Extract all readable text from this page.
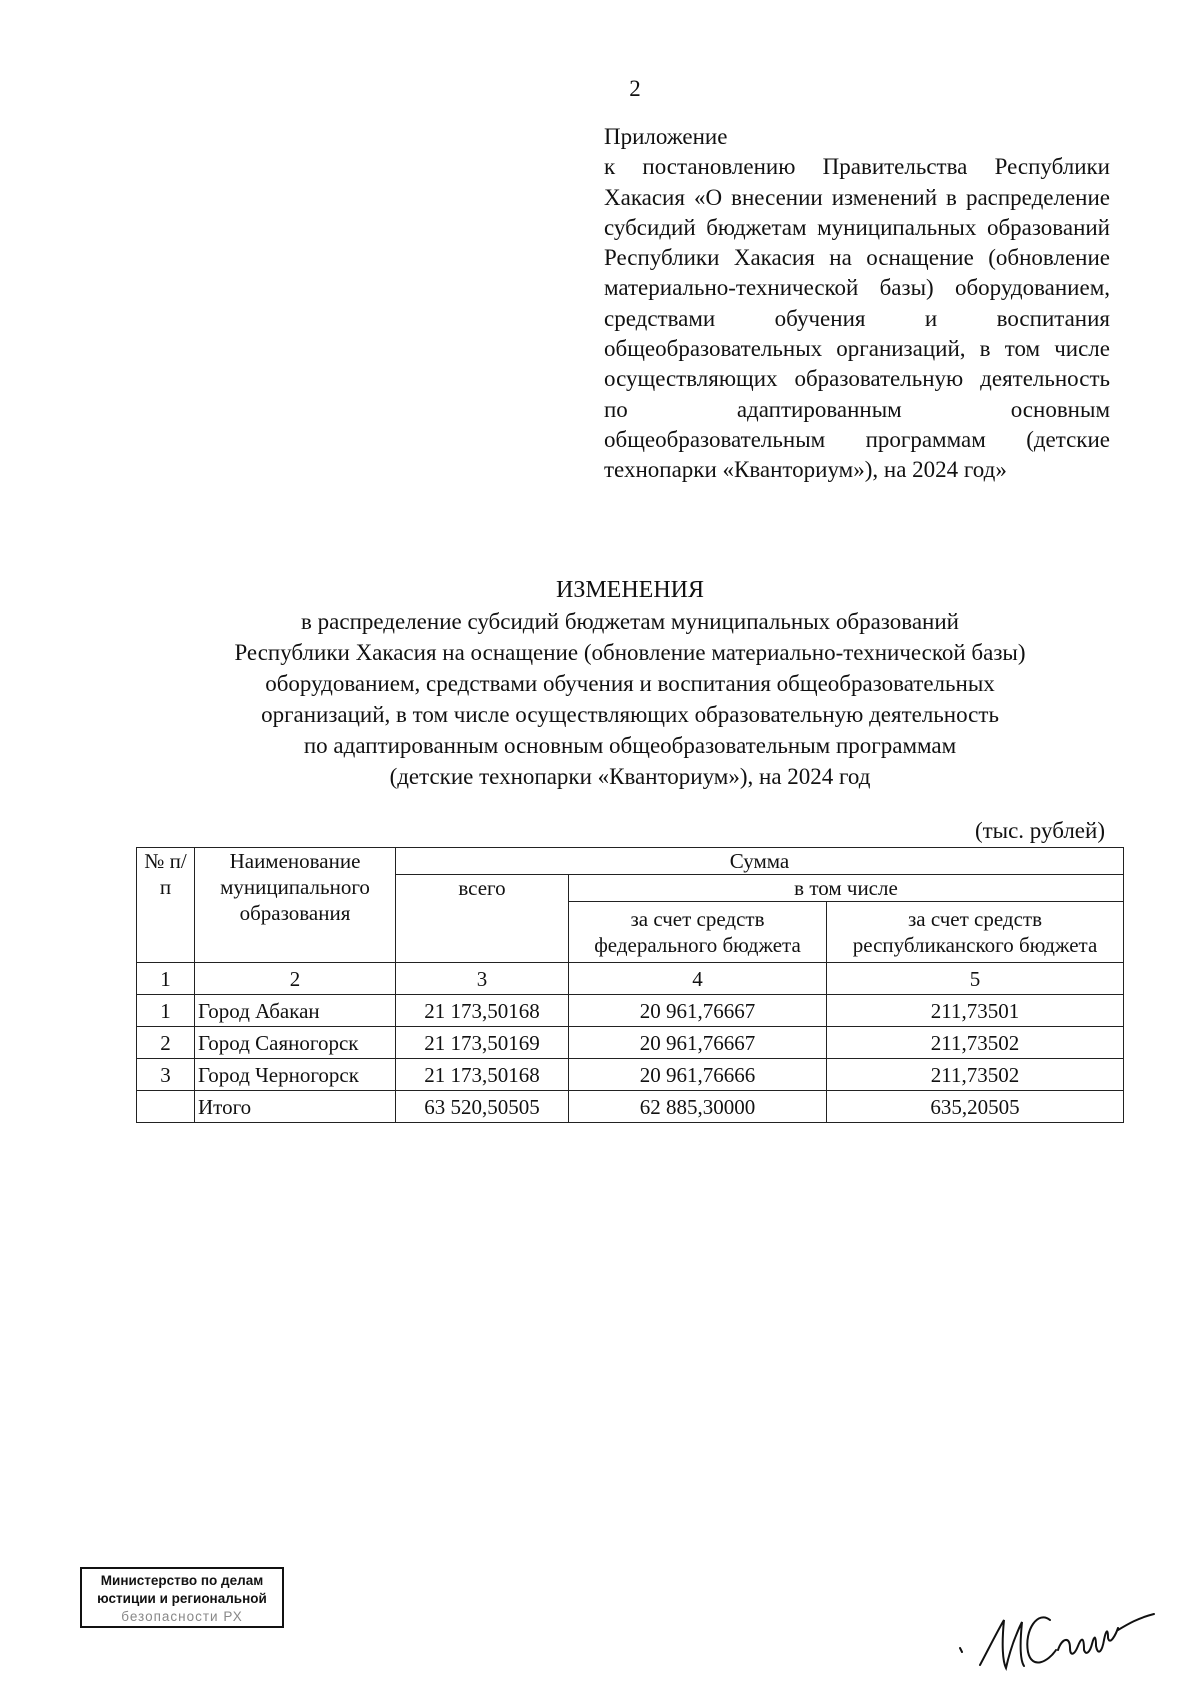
2
Приложение
к постановлению Правительства Республики Хакасия «О внесении изменений в распределение субсидий бюджетам муниципальных образований Республики Хакасия на оснащение (обновление материально-технической базы) оборудованием, средствами обучения и воспитания общеобразовательных организаций, в том числе осуществляющих образовательную деятельность по адаптированным основным общеобразовательным программам (детские технопарки «Кванториум»), на 2024 год»
ИЗМЕНЕНИЯ
в распределение субсидий бюджетам муниципальных образований
Республики Хакасия на оснащение (обновление материально-технической базы)
оборудованием, средствами обучения и воспитания общеобразовательных
организаций, в том числе осуществляющих образовательную деятельность
по адаптированным основным общеобразовательным программам
(детские технопарки «Кванториум»), на 2024 год
(тыс. рублей)
№ п/п	Наименование муниципального образования	Сумма		
		всего	в том числе	
			за счет средств федерального бюджета	за счет средств республиканского бюджета
1	2	3	4	5
1	Город Абакан	21 173,50168	20 961,76667	211,73501
2	Город Саяногорск	21 173,50169	20 961,76667	211,73502
3	Город Черногорск	21 173,50168	20 961,76666	211,73502
	Итого	63 520,50505	62 885,30000	635,20505
Министерство по делам
юстиции и региональной
безопасности РХ
